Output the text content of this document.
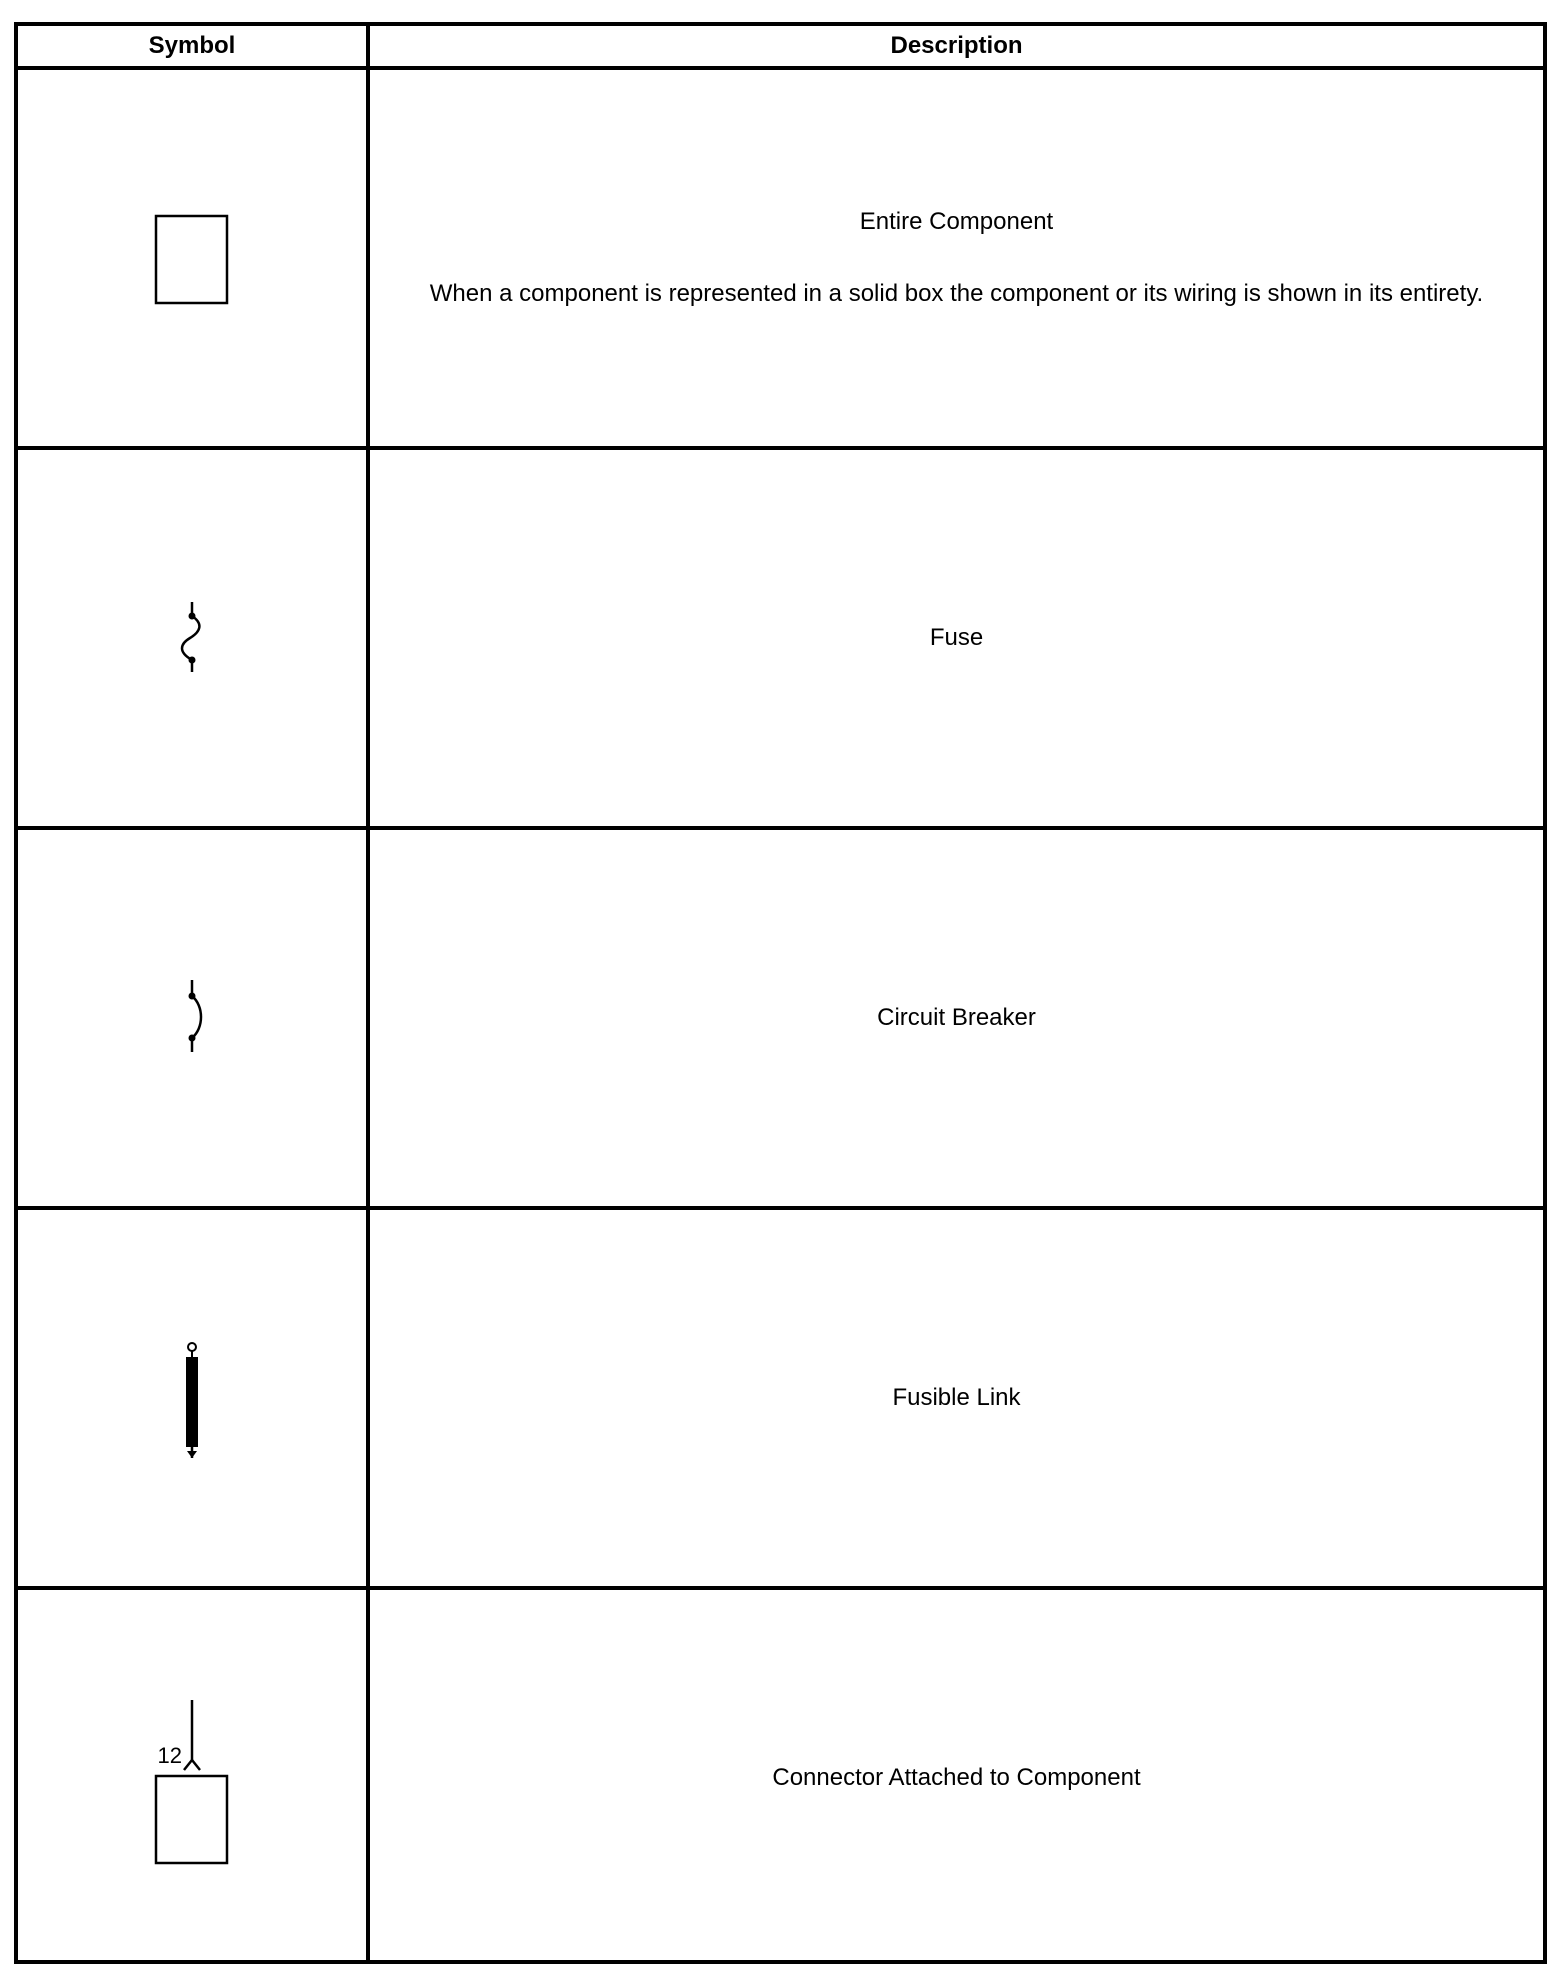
Symbol	Description
Entire Component
When a component is represented in a solid box the component or its wiring is shown in its entirety.
Fuse
Circuit Breaker
Fusible Link
12
Connector Attached to Component
